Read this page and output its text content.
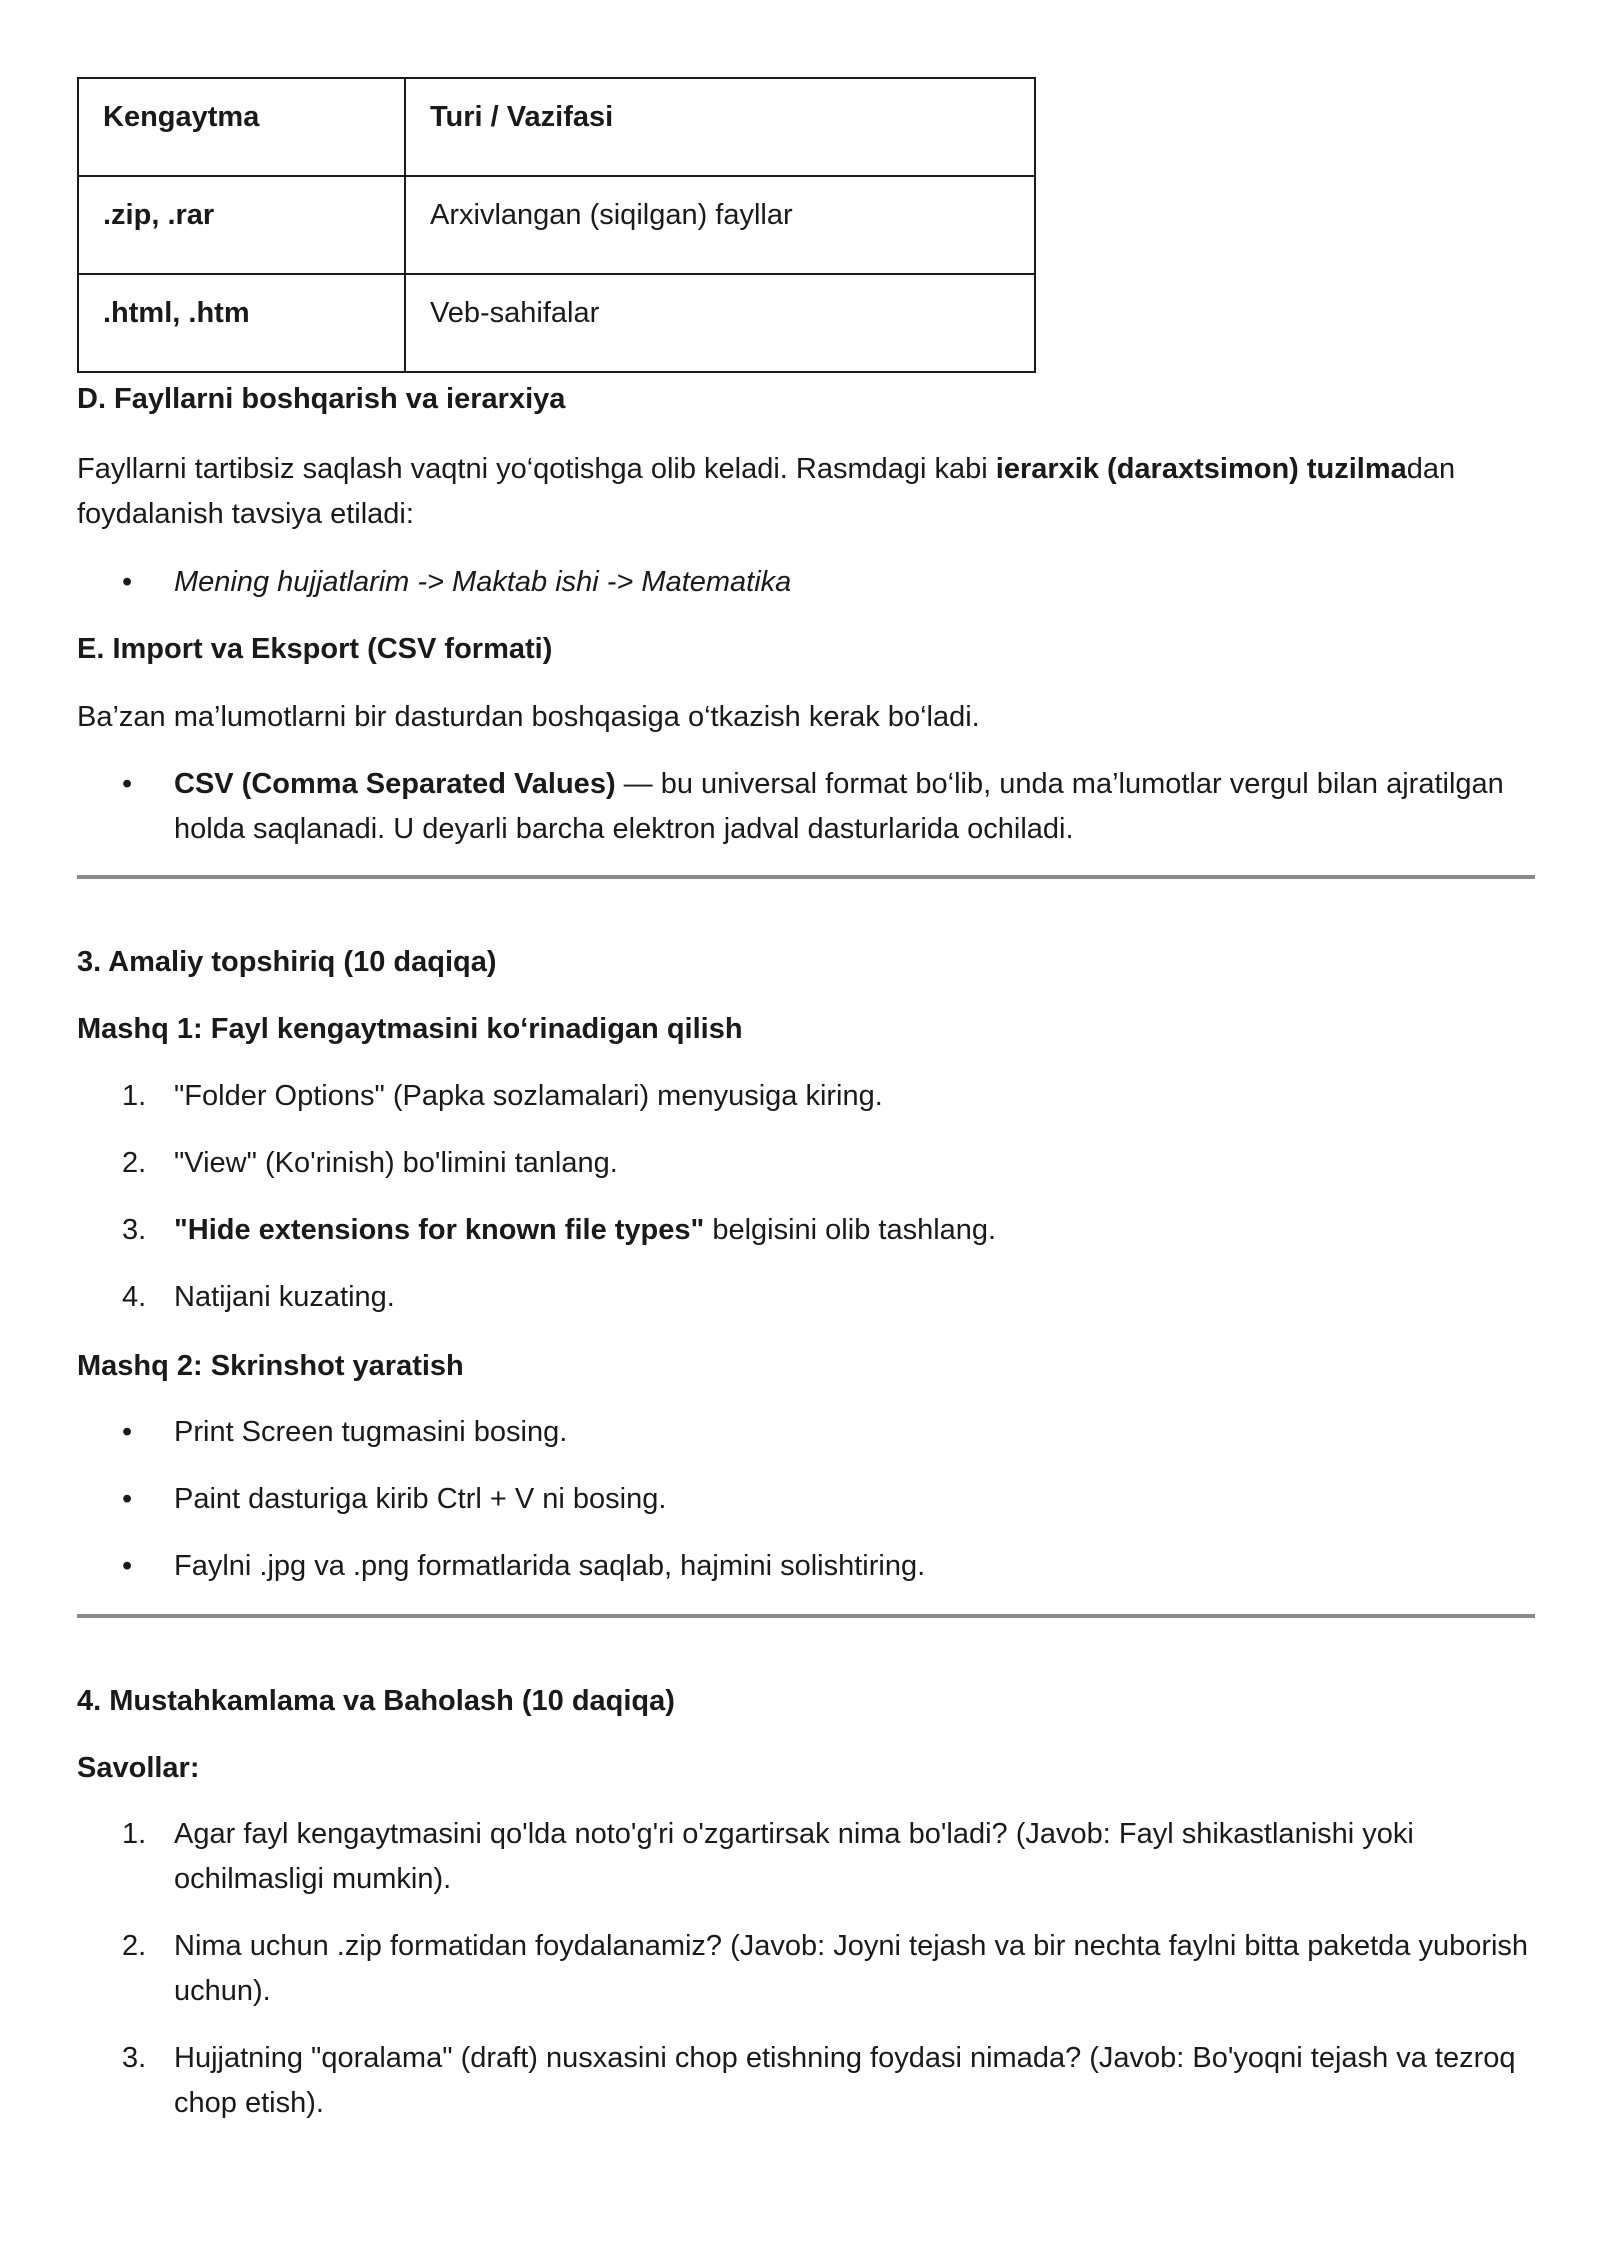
Kengaytma	Turi / Vazifasi
.zip, .rar	Arxivlangan (siqilgan) fayllar
.html, .htm	Veb-sahifalar
D. Fayllarni boshqarish va ierarxiya
Fayllarni tartibsiz saqlash vaqtni yo‘qotishga olib keladi. Rasmdagi kabi ierarxik (daraxtsimon) tuzilmadan foydalanish tavsiya etiladi:
• Mening hujjatlarim -> Maktab ishi -> Matematika
E. Import va Eksport (CSV formati)
Ba’zan ma’lumotlarni bir dasturdan boshqasiga o‘tkazish kerak bo‘ladi.
• CSV (Comma Separated Values) — bu universal format bo‘lib, unda ma’lumotlar vergul bilan ajratilgan holda saqlanadi. U deyarli barcha elektron jadval dasturlarida ochiladi.
3. Amaliy topshiriq (10 daqiqa)
Mashq 1: Fayl kengaytmasini ko‘rinadigan qilish
1. "Folder Options" (Papka sozlamalari) menyusiga kiring.
2. "View" (Ko'rinish) bo'limini tanlang.
3. "Hide extensions for known file types" belgisini olib tashlang.
4. Natijani kuzating.
Mashq 2: Skrinshot yaratish
• Print Screen tugmasini bosing.
• Paint dasturiga kirib Ctrl + V ni bosing.
• Faylni .jpg va .png formatlarida saqlab, hajmini solishtiring.
4. Mustahkamlama va Baholash (10 daqiqa)
Savollar:
1. Agar fayl kengaytmasini qo'lda noto'g'ri o'zgartirsak nima bo'ladi? (Javob: Fayl shikastlanishi yoki ochilmasligi mumkin).
2. Nima uchun .zip formatidan foydalanamiz? (Javob: Joyni tejash va bir nechta faylni bitta paketda yuborish uchun).
3. Hujjatning "qoralama" (draft) nusxasini chop etishning foydasi nimada? (Javob: Bo'yoqni tejash va tezroq chop etish).
